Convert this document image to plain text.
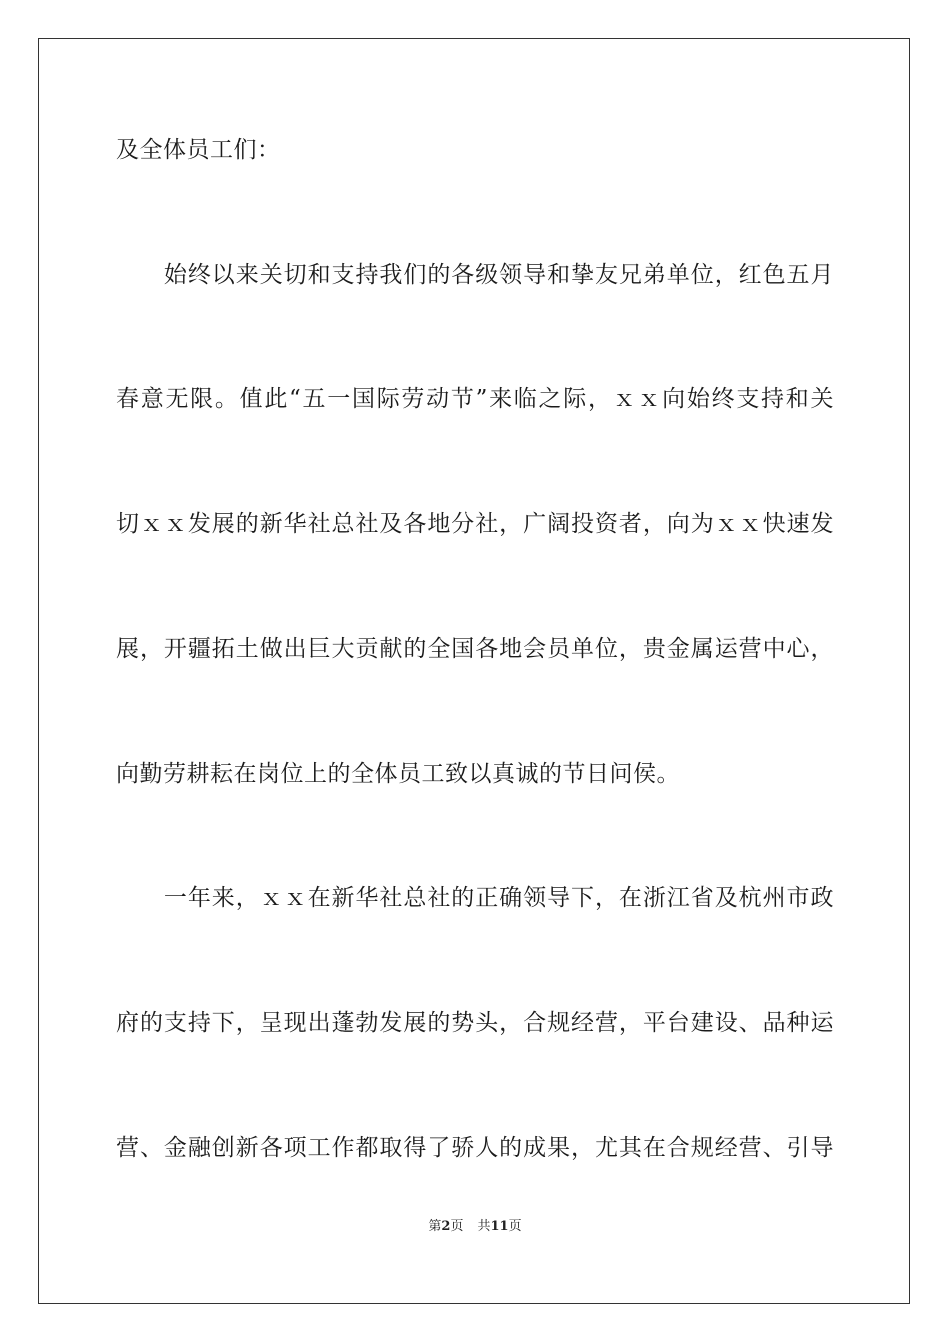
及全体员工们：
　　始终以来关切和支持我们的各级领导和挚友兄弟单位，红色五月
春意无限。值此“五一国际劳动节”来临之际，ｘｘ向始终支持和关
切ｘｘ发展的新华社总社及各地分社，广阔投资者，向为ｘｘ快速发
展，开疆拓土做出巨大贡献的全国各地会员单位，贵金属运营中心，
向勤劳耕耘在岗位上的全体员工致以真诚的节日问侯。
　　一年来，ｘｘ在新华社总社的正确领导下，在浙江省及杭州市政
府的支持下，呈现出蓬勃发展的势头，合规经营，平台建设、品种运
营、金融创新各项工作都取得了骄人的成果，尤其在合规经营、引导
第2页 共11页
